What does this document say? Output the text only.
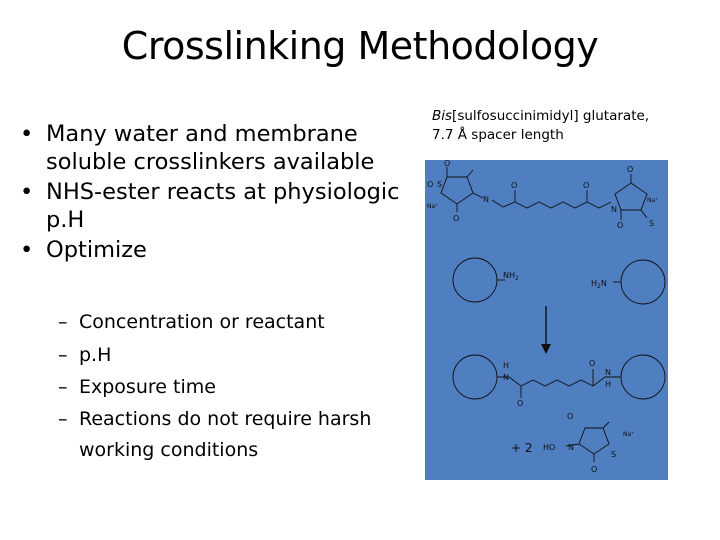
Crosslinking Methodology
• Many water and membrane soluble crosslinkers available
• NHS-ester reacts at physiologic p.H
• Optimize
– Concentration or reactant
– p.H
– Exposure time
– Reactions do not require harsh working conditions
Bis[sulfosuccinimidyl] glutarate,
7.7 Å spacer length
O
O S
Na⁺
O
N
O	O
N
O
O	S
Na⁺
$NH_2$
$H_2N$
H
N
O
O
N
H
+ 2 HO N
O
O
S
Na⁺
